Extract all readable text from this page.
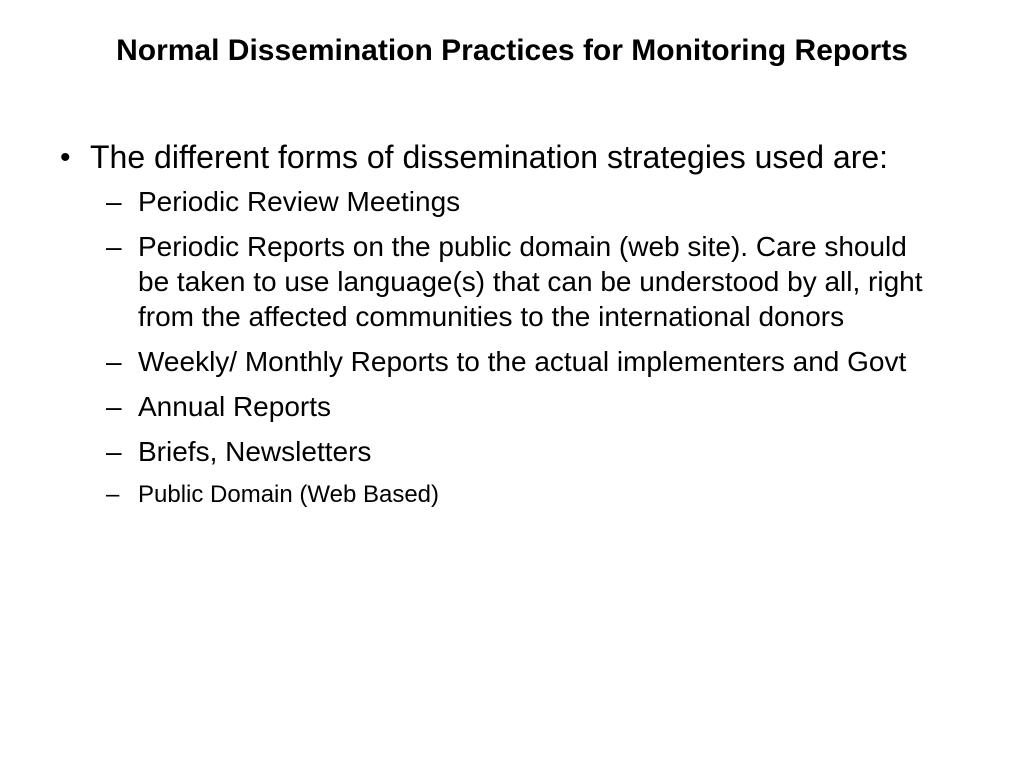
Normal Dissemination Practices for Monitoring Reports
• The different forms of dissemination strategies used are:
– Periodic Review Meetings
– Periodic Reports on the public domain (web site). Care should be taken to use language(s) that can be understood by all, right from the affected communities to the international donors
– Weekly/ Monthly Reports to the actual implementers and Govt
– Annual Reports
– Briefs, Newsletters
– Public Domain (Web Based)
